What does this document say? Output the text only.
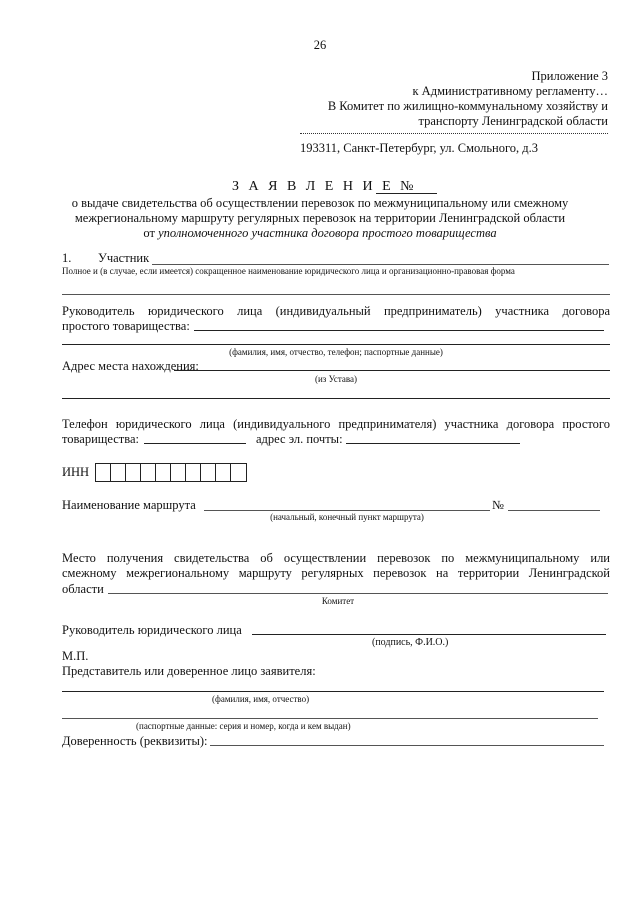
26
Приложение 3
к Административному регламенту…
В Комитет по жилищно-коммунальному хозяйству и
транспорту Ленинградской области
193311, Санкт-Петербург, ул. Смольного, д.3
З А Я В Л Е Н И Е №
о выдаче свидетельства об осуществлении перевозок по межмуниципальному или смежному
межрегиональному маршруту регулярных перевозок на территории Ленинградской области
от уполномоченного участника договора простого товарищества
1. Участник
Полное и (в случае, если имеется) сокращенное наименование юридического лица и организационно-правовая форма
Руководитель юридического лица (индивидуальный предприниматель) участника договора
простого товарищества:
(фамилия, имя, отчество, телефон; паспортные данные)
Адрес места нахождения:
(из Устава)
Телефон юридического лица (индивидуального предпринимателя) участника договора простого
товарищества:	адрес эл. почты:
ИНН
Наименование маршрута	№
(начальный, конечный пункт маршрута)
Место получения свидетельства об осуществлении перевозок по межмуниципальному или
смежному межрегиональному маршруту регулярных перевозок на территории Ленинградской
области
Комитет
Руководитель юридического лица
(подпись, Ф.И.О.)
М.П.
Представитель или доверенное лицо заявителя:
(фамилия, имя, отчество)
(паспортные данные: серия и номер, когда и кем выдан)
Доверенность (реквизиты):
